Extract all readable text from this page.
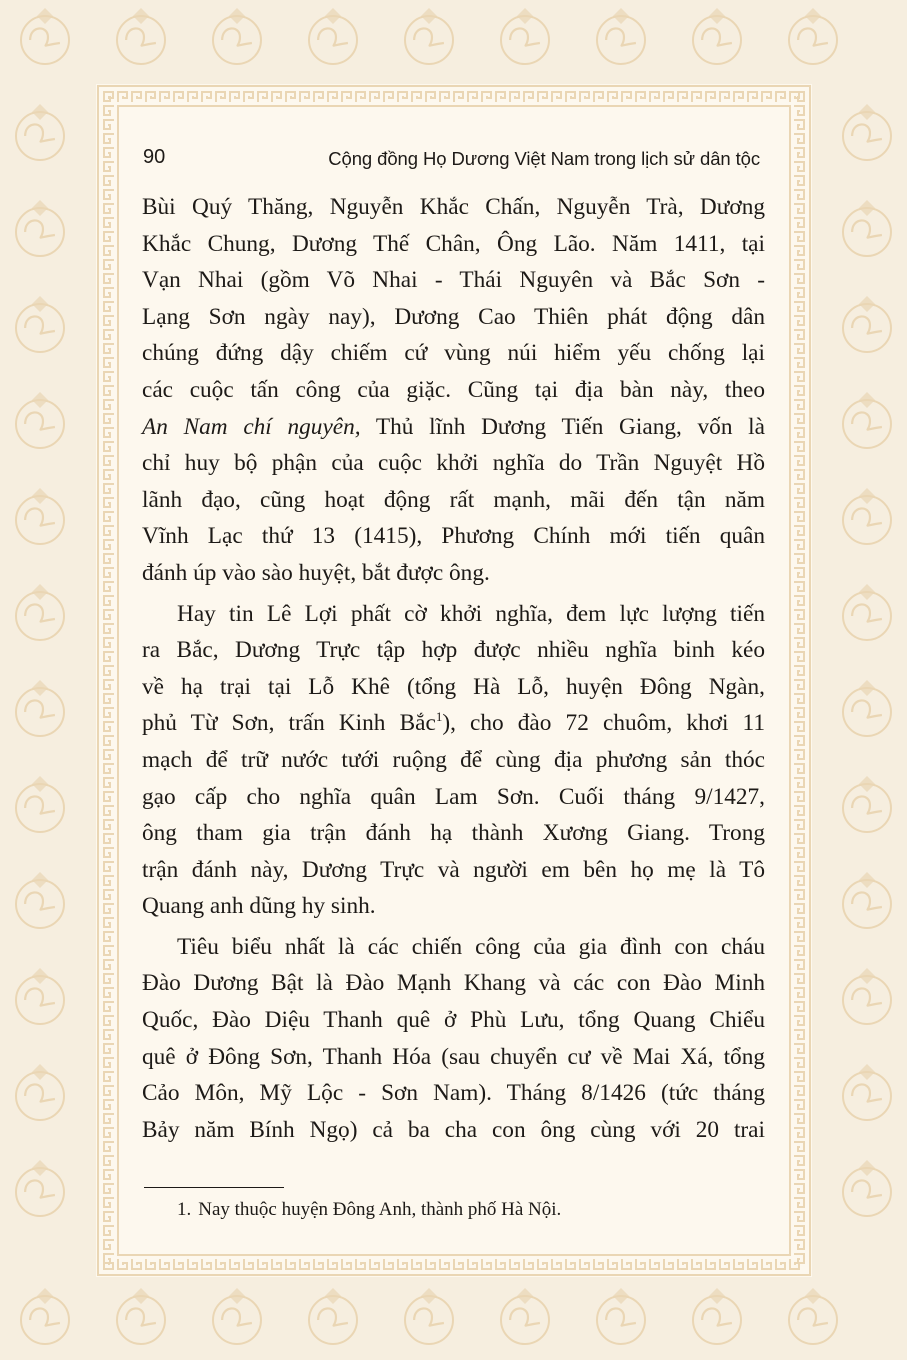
90	Cộng đồng Họ Dương Việt Nam trong lịch sử dân tộc

Bùi Quý Thăng, Nguyễn Khắc Chấn, Nguyễn Trà, Dương
Khắc Chung, Dương Thế Chân, Ông Lão. Năm 1411, tại
Vạn Nhai (gồm Võ Nhai - Thái Nguyên và Bắc Sơn -
Lạng Sơn ngày nay), Dương Cao Thiên phát động dân
chúng đứng dậy chiếm cứ vùng núi hiểm yếu chống lại
các cuộc tấn công của giặc. Cũng tại địa bàn này, theo
An Nam chí nguyên, Thủ lĩnh Dương Tiến Giang, vốn là
chỉ huy bộ phận của cuộc khởi nghĩa do Trần Nguyệt Hồ
lãnh đạo, cũng hoạt động rất mạnh, mãi đến tận năm
Vĩnh Lạc thứ 13 (1415), Phương Chính mới tiến quân
đánh úp vào sào huyệt, bắt được ông.

Hay tin Lê Lợi phất cờ khởi nghĩa, đem lực lượng tiến
ra Bắc, Dương Trực tập hợp được nhiều nghĩa binh kéo
về hạ trại tại Lỗ Khê (tổng Hà Lỗ, huyện Đông Ngàn,
phủ Từ Sơn, trấn Kinh Bắc$^1$), cho đào 72 chuôm, khơi 11
mạch để trữ nước tưới ruộng để cùng địa phương sản thóc
gạo cấp cho nghĩa quân Lam Sơn. Cuối tháng 9/1427,
ông tham gia trận đánh hạ thành Xương Giang. Trong
trận đánh này, Dương Trực và người em bên họ mẹ là Tô
Quang anh dũng hy sinh.

Tiêu biểu nhất là các chiến công của gia đình con cháu
Đào Dương Bật là Đào Mạnh Khang và các con Đào Minh
Quốc, Đào Diệu Thanh quê ở Phù Lưu, tổng Quang Chiểu
quê ở Đông Sơn, Thanh Hóa (sau chuyển cư về Mai Xá, tổng
Cảo Môn, Mỹ Lộc - Sơn Nam). Tháng 8/1426 (tức tháng
Bảy năm Bính Ngọ) cả ba cha con ông cùng với 20 trai

1. Nay thuộc huyện Đông Anh, thành phố Hà Nội.
